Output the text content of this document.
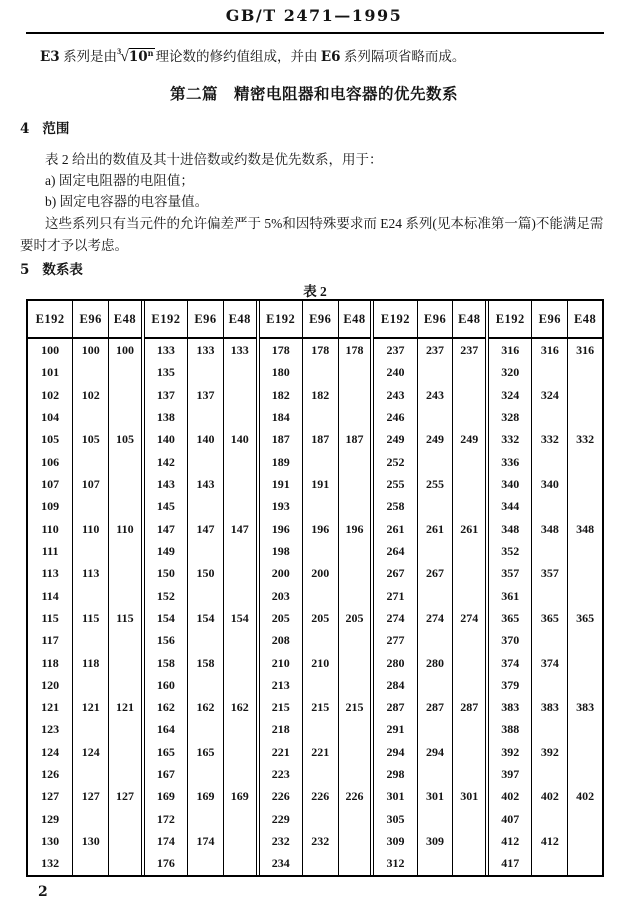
GB/T 2471—1995

E3 系列是由$^3$√10$^n$ 理论数的修约值组成，并由 E6 系列隔项省略而成。

第二篇　精密电阻器和电容器的优先数系
4 范围

表 2 给出的数值及其十进倍数或约数是优先数系，用于：

a) 固定电阻器的电阻值；

b) 固定电容器的电容量值。

这些系列只有当元件的允许偏差严于 5%和因特殊要求而 E24 系列(见本标准第一篇)不能满足需

要时才予以考虑。

5 数系表
表 2
E192	E96	E48	E192	E96	E48	E192	E96	E48	E192	E96	E48	E192	E96	E48
100	100	100	133	133	133	178	178	178	237	237	237	316	316	316
101			135			180			240			320		
102	102		137	137		182	182		243	243		324	324	
104			138			184			246			328		
105	105	105	140	140	140	187	187	187	249	249	249	332	332	332
106			142			189			252			336		
107	107		143	143		191	191		255	255		340	340	
109			145			193			258			344		
110	110	110	147	147	147	196	196	196	261	261	261	348	348	348
111			149			198			264			352		
113	113		150	150		200	200		267	267		357	357	
114			152			203			271			361		
115	115	115	154	154	154	205	205	205	274	274	274	365	365	365
117			156			208			277			370		
118	118		158	158		210	210		280	280		374	374	
120			160			213			284			379		
121	121	121	162	162	162	215	215	215	287	287	287	383	383	383
123			164			218			291			388		
124	124		165	165		221	221		294	294		392	392	
126			167			223			298			397		
127	127	127	169	169	169	226	226	226	301	301	301	402	402	402
129			172			229			305			407		
130	130		174	174		232	232		309	309		412	412	
132			176			234			312			417		
2
